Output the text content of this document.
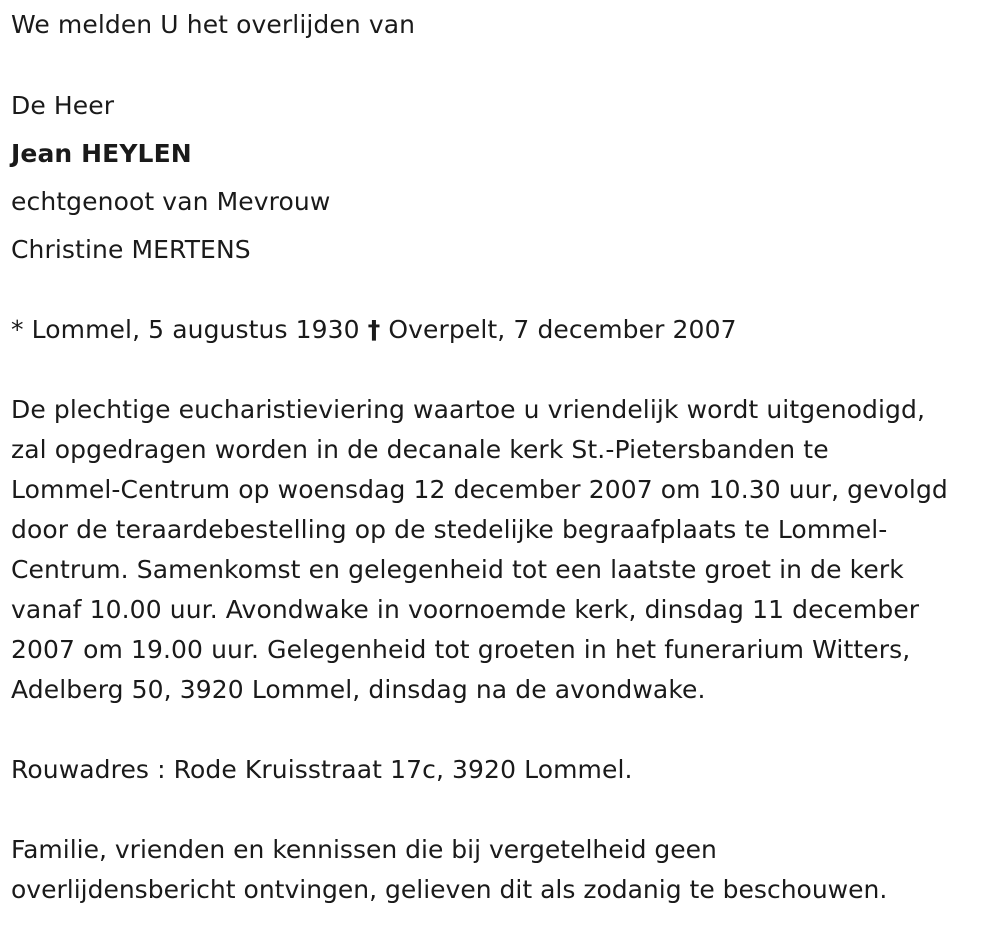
We melden U het overlijden van
De Heer
Jean HEYLEN
echtgenoot van Mevrouw
Christine MERTENS
* Lommel, 5 augustus 1930 † Overpelt, 7 december 2007
De plechtige eucharistieviering waartoe u vriendelijk wordt uitgenodigd,
zal opgedragen worden in de decanale kerk St.-Pietersbanden te
Lommel-Centrum op woensdag 12 december 2007 om 10.30 uur, gevolgd
door de teraardebestelling op de stedelijke begraafplaats te Lommel-
Centrum. Samenkomst en gelegenheid tot een laatste groet in de kerk
vanaf 10.00 uur. Avondwake in voornoemde kerk, dinsdag 11 december
2007 om 19.00 uur. Gelegenheid tot groeten in het funerarium Witters,
Adelberg 50, 3920 Lommel, dinsdag na de avondwake.
Rouwadres : Rode Kruisstraat 17c, 3920 Lommel.
Familie, vrienden en kennissen die bij vergetelheid geen
overlijdensbericht ontvingen, gelieven dit als zodanig te beschouwen.
